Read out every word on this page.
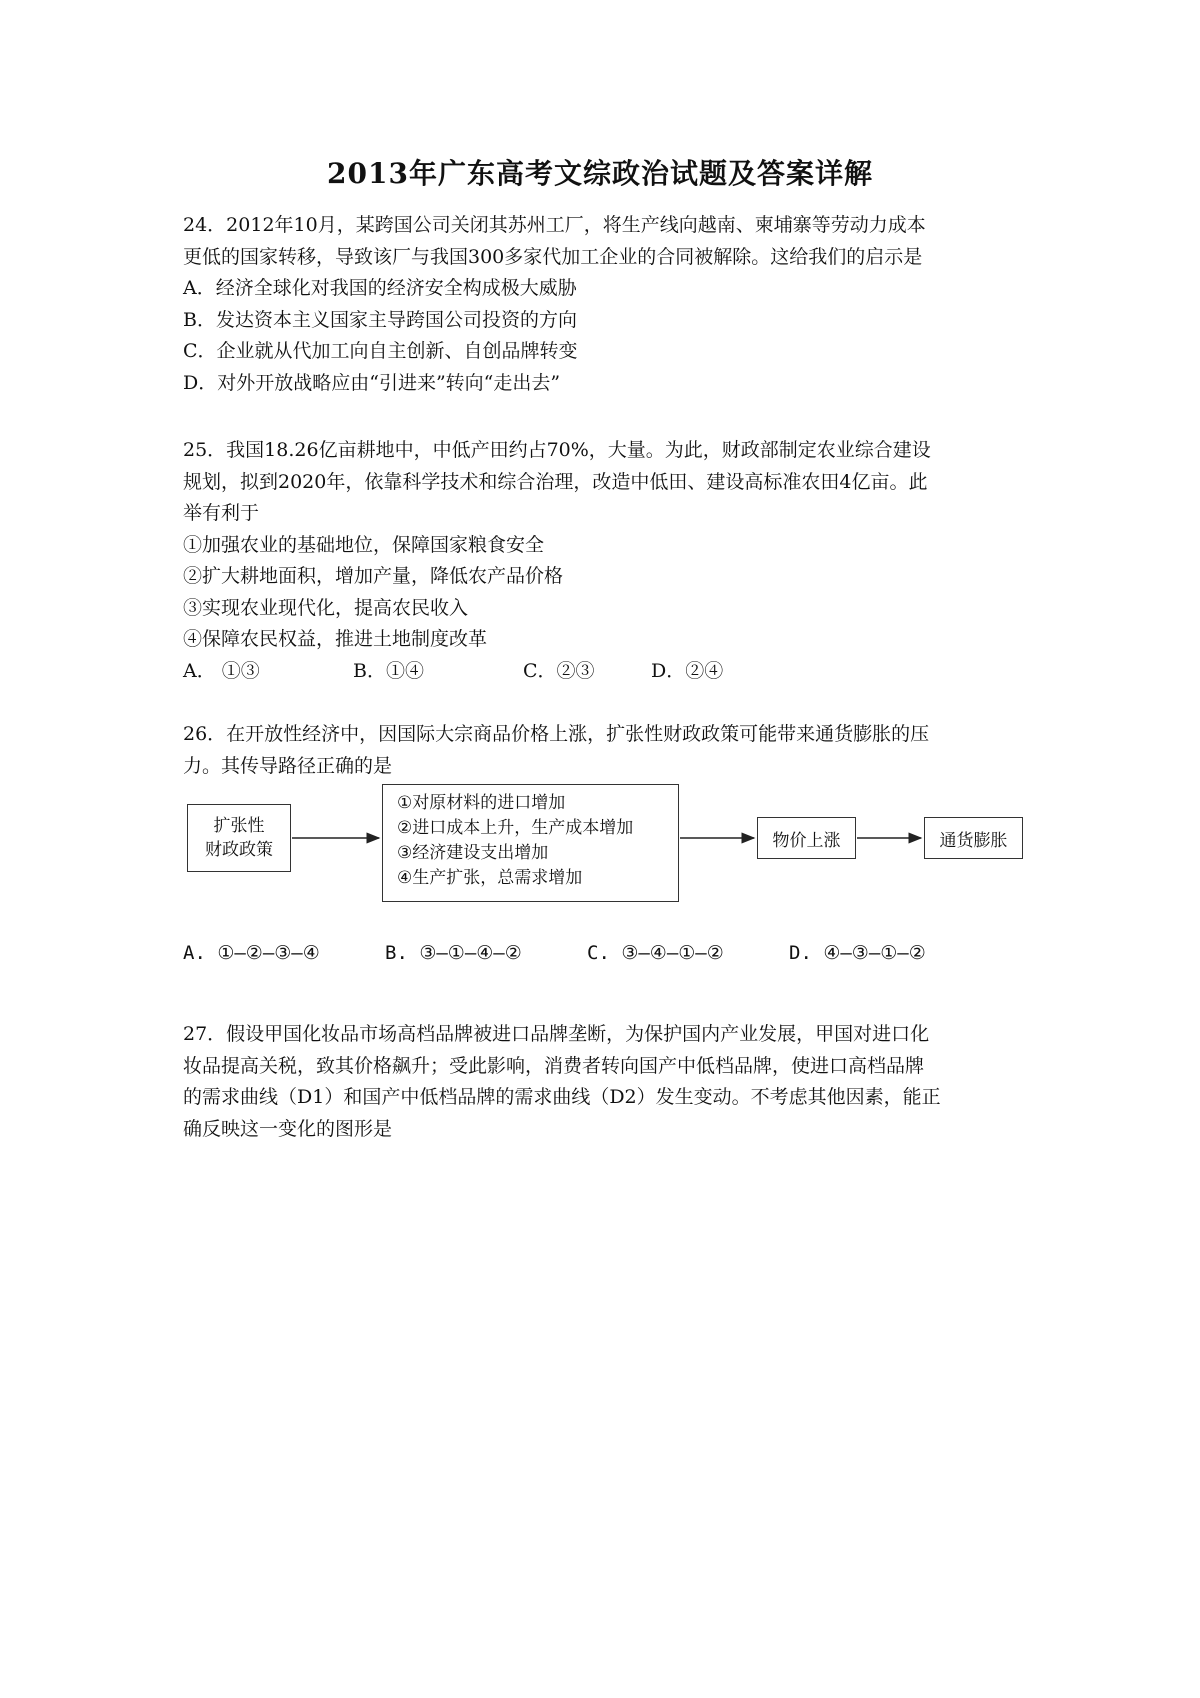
2013年广东高考文综政治试题及答案详解

24．2012年10月，某跨国公司关闭其苏州工厂，将生产线向越南、柬埔寨等劳动力成本

更低的国家转移，导致该厂与我国300多家代加工企业的合同被解除。这给我们的启示是

A．经济全球化对我国的经济安全构成极大威胁

B．发达资本主义国家主导跨国公司投资的方向

C．企业就从代加工向自主创新、自创品牌转变

D．对外开放战略应由“引进来”转向“走出去”

25．我国18.26亿亩耕地中，中低产田约占70%，大量。为此，财政部制定农业综合建设

规划，拟到2020年，依靠科学技术和综合治理，改造中低田、建设高标准农田4亿亩。此

举有利于

①加强农业的基础地位，保障国家粮食安全

②扩大耕地面积，增加产量，降低农产品价格

③实现农业现代化，提高农民收入

④保障农民权益，推进土地制度改革

A． ①③	B．①④	C．②③	D．②④

26．在开放性经济中，因国际大宗商品价格上涨，扩张性财政政策可能带来通货膨胀的压

力。其传导路径正确的是

扩张性
财政政策
①对原材料的进口增加
②进口成本上升，生产成本增加
③经济建设支出增加
④生产扩张，总需求增加
物价上涨	通货膨胀
A. ①—②—③—④	B. ③—①—④—②	C. ③—④—①—②	D. ④—③—①—②

27．假设甲国化妆品市场高档品牌被进口品牌垄断，为保护国内产业发展，甲国对进口化

妆品提高关税，致其价格飙升；受此影响，消费者转向国产中低档品牌，使进口高档品牌

的需求曲线（D1）和国产中低档品牌的需求曲线（D2）发生变动。不考虑其他因素，能正

确反映这一变化的图形是
